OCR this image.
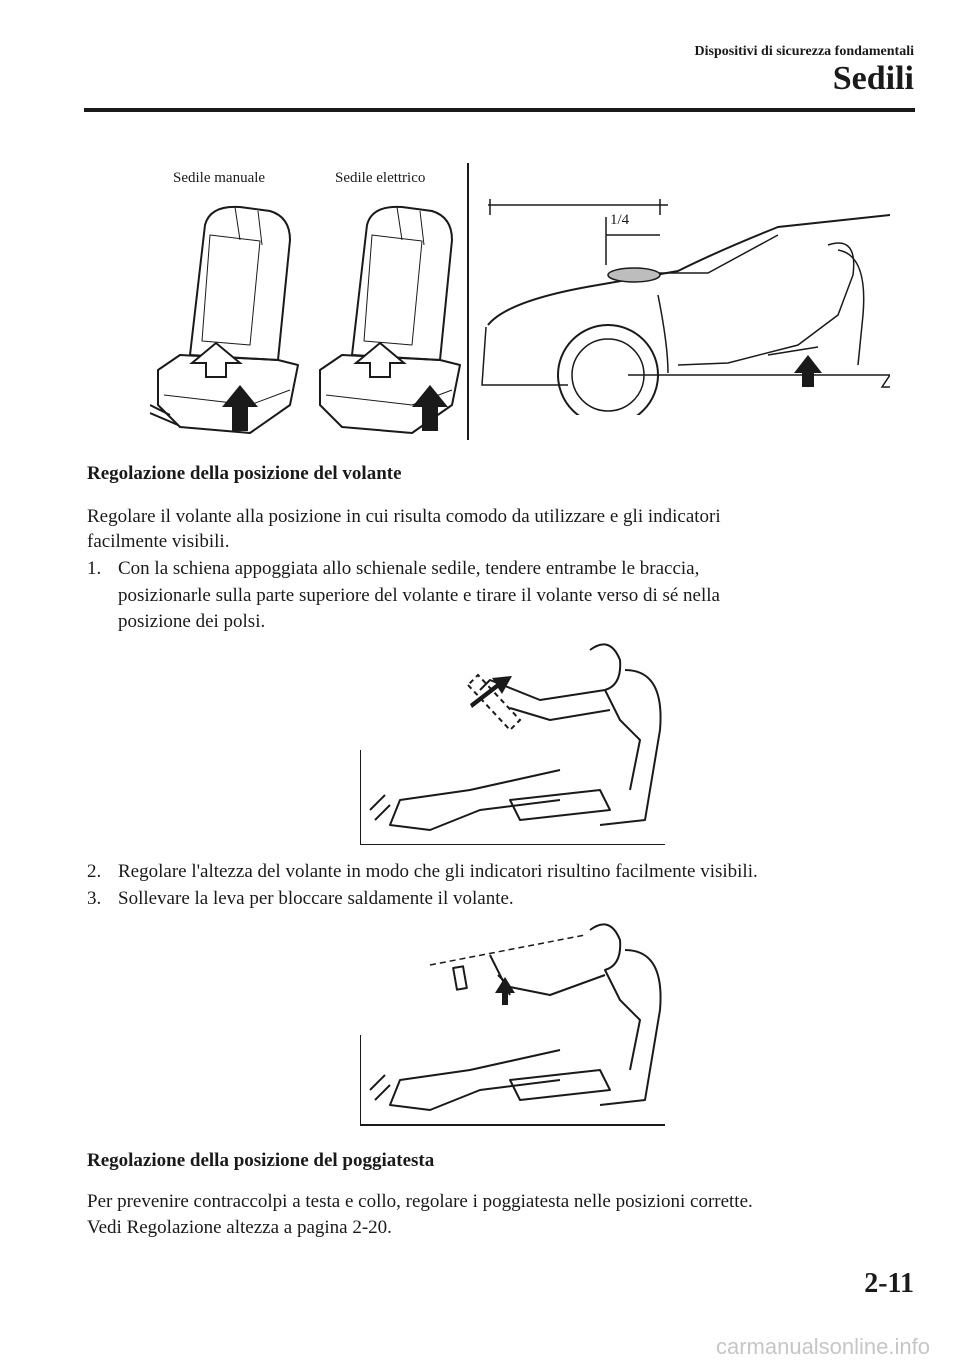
Dispositivi di sicurezza fondamentali
Sedili
Sedile manuale	Sedile elettrico
1/4
Regolazione della posizione del volante

Regolare il volante alla posizione in cui risulta comodo da utilizzare e gli indicatori

facilmente visibili.

1. Con la schiena appoggiata allo schienale sedile, tendere entrambe le braccia,
posizionarle sulla parte superiore del volante e tirare il volante verso di sé nella
posizione dei polsi.
2. Regolare l'altezza del volante in modo che gli indicatori risultino facilmente visibili.
3. Sollevare la leva per bloccare saldamente il volante.
Regolazione della posizione del poggiatesta

Per prevenire contraccolpi a testa e collo, regolare i poggiatesta nelle posizioni corrette.

Vedi Regolazione altezza a pagina 2-20.

2-11
carmanualsonline.info
